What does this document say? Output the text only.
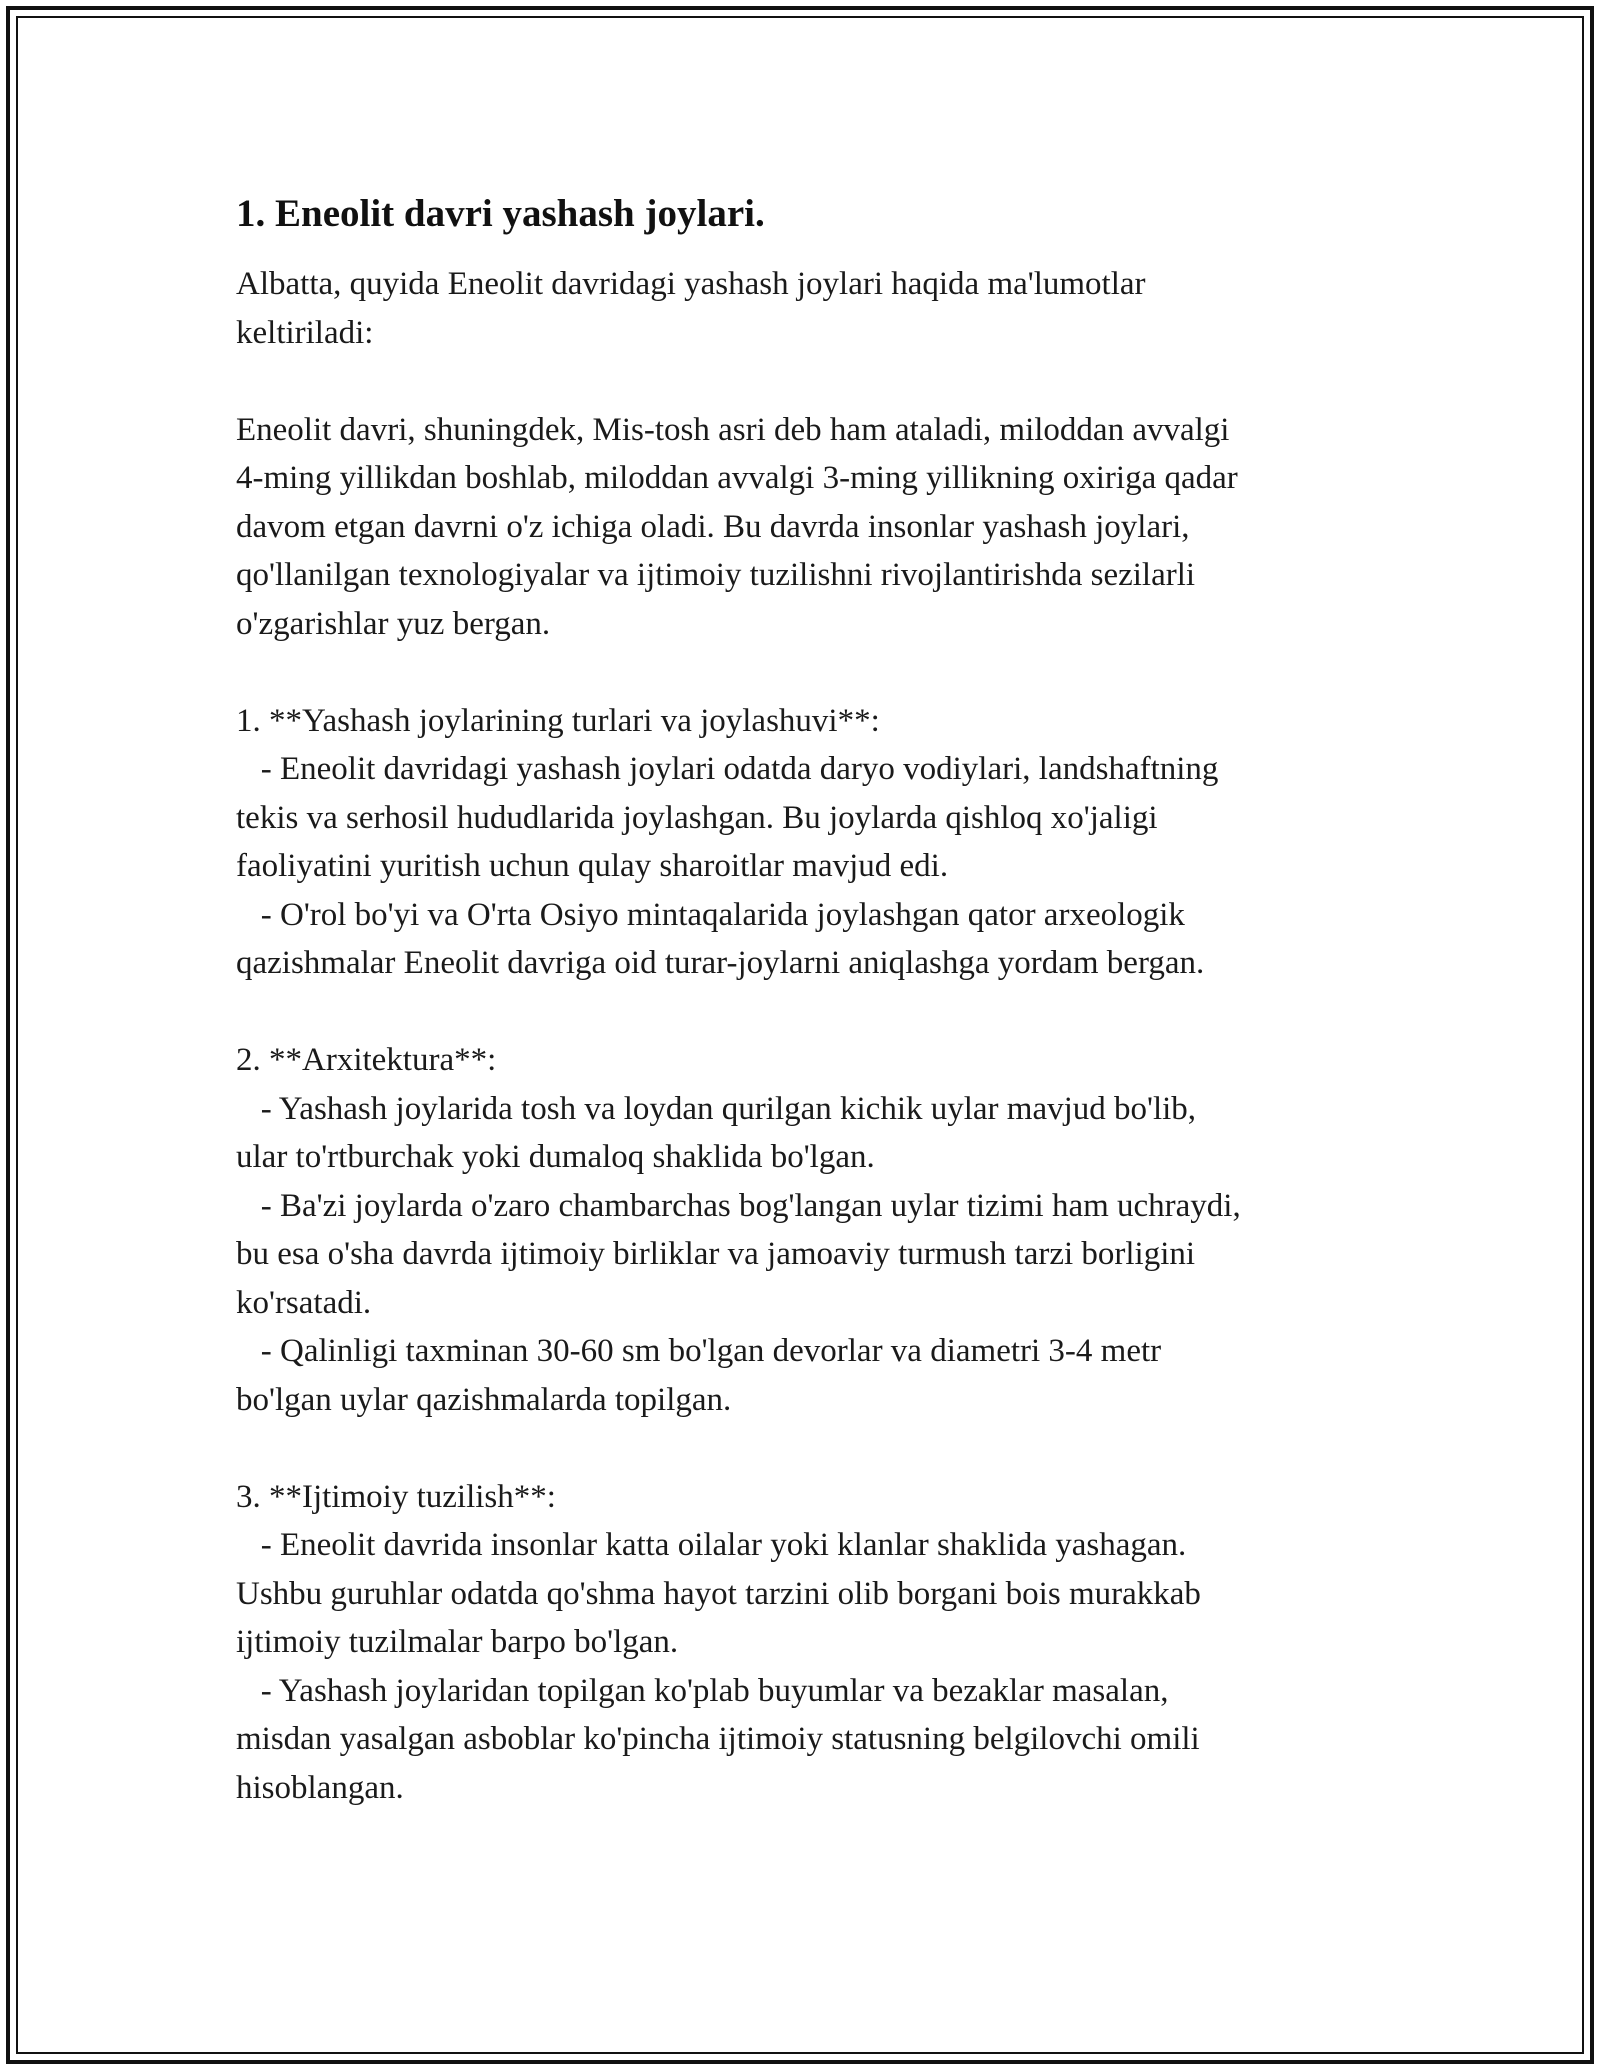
1. Eneolit davri yashash joylari.
Albatta, quyida Eneolit davridagi yashash joylari haqida ma'lumotlar
keltiriladi:
Eneolit davri, shuningdek, Mis-tosh asri deb ham ataladi, miloddan avvalgi
4-ming yillikdan boshlab, miloddan avvalgi 3-ming yillikning oxiriga qadar
davom etgan davrni o'z ichiga oladi. Bu davrda insonlar yashash joylari,
qo'llanilgan texnologiyalar va ijtimoiy tuzilishni rivojlantirishda sezilarli
o'zgarishlar yuz bergan.
1. **Yashash joylarining turlari va joylashuvi**:
- Eneolit davridagi yashash joylari odatda daryo vodiylari, landshaftning
tekis va serhosil hududlarida joylashgan. Bu joylarda qishloq xo'jaligi
faoliyatini yuritish uchun qulay sharoitlar mavjud edi.
- O'rol bo'yi va O'rta Osiyo mintaqalarida joylashgan qator arxeologik
qazishmalar Eneolit davriga oid turar-joylarni aniqlashga yordam bergan.
2. **Arxitektura**:
- Yashash joylarida tosh va loydan qurilgan kichik uylar mavjud bo'lib,
ular to'rtburchak yoki dumaloq shaklida bo'lgan.
- Ba'zi joylarda o'zaro chambarchas bog'langan uylar tizimi ham uchraydi,
bu esa o'sha davrda ijtimoiy birliklar va jamoaviy turmush tarzi borligini
ko'rsatadi.
- Qalinligi taxminan 30-60 sm bo'lgan devorlar va diametri 3-4 metr
bo'lgan uylar qazishmalarda topilgan.
3. **Ijtimoiy tuzilish**:
- Eneolit davrida insonlar katta oilalar yoki klanlar shaklida yashagan.
Ushbu guruhlar odatda qo'shma hayot tarzini olib borgani bois murakkab
ijtimoiy tuzilmalar barpo bo'lgan.
- Yashash joylaridan topilgan ko'plab buyumlar va bezaklar masalan,
misdan yasalgan asboblar ko'pincha ijtimoiy statusning belgilovchi omili
hisoblangan.
